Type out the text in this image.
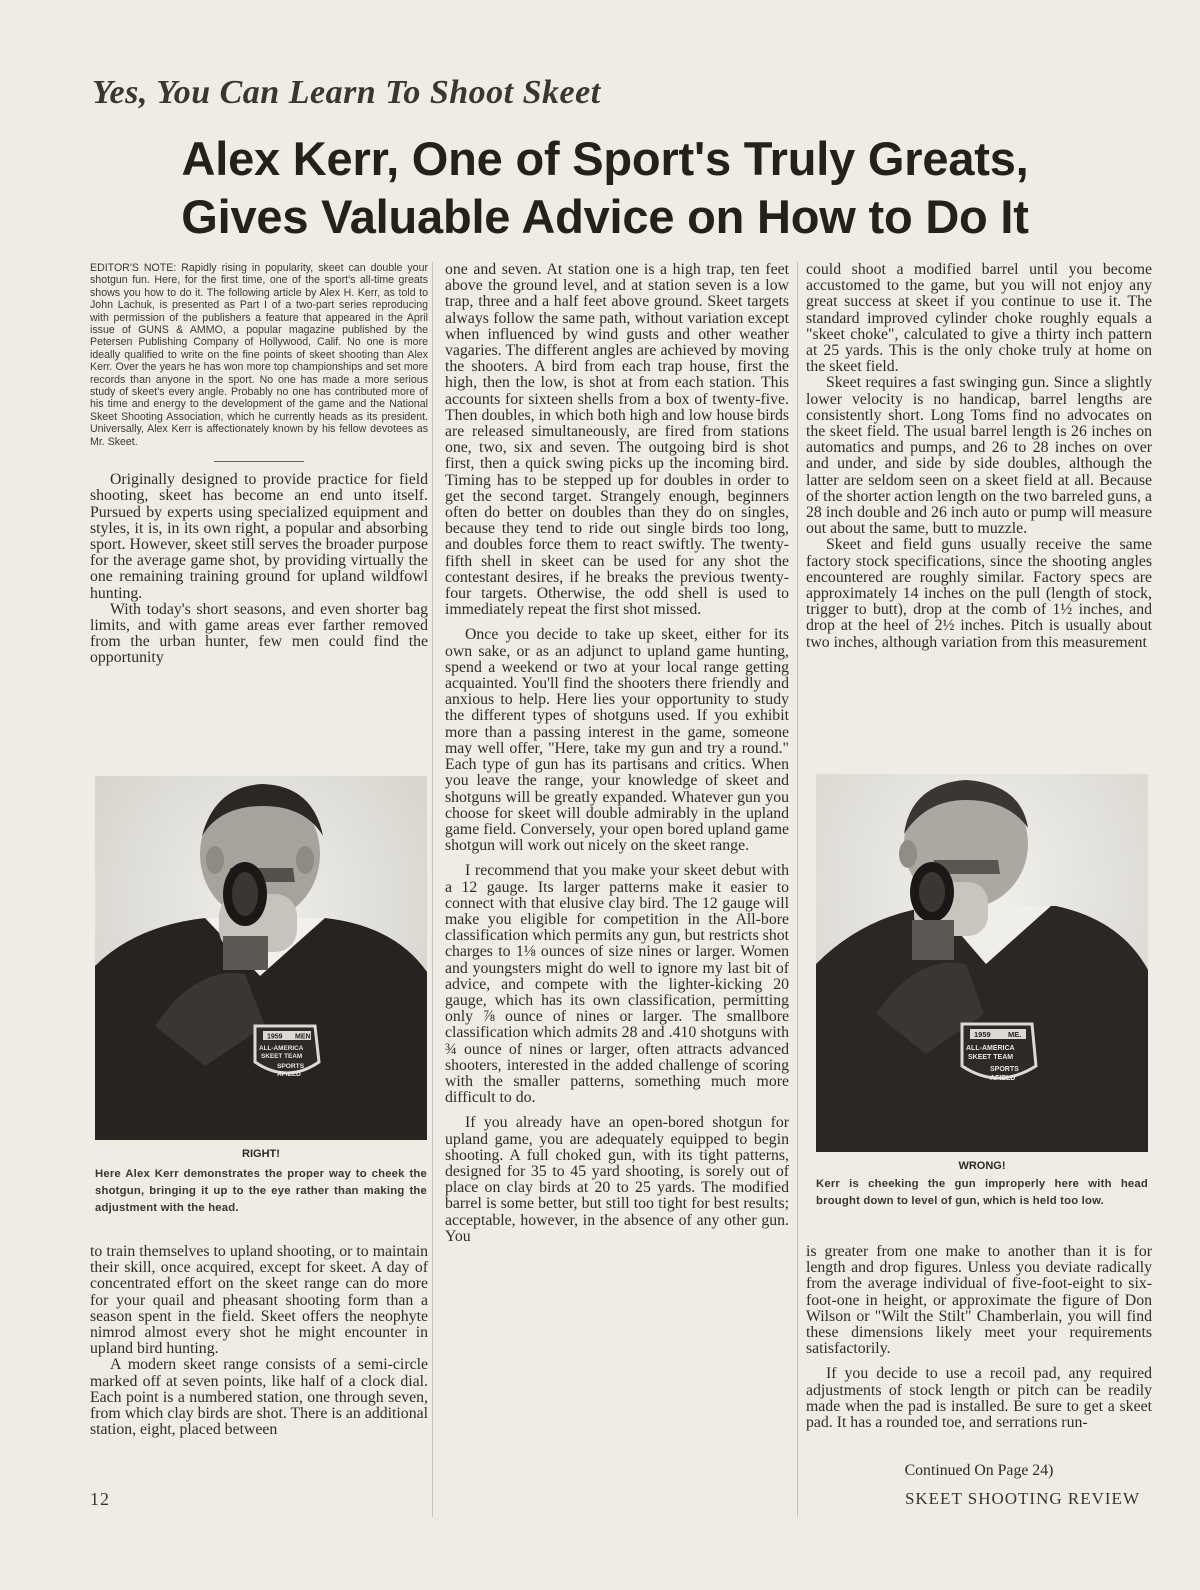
Yes, You Can Learn To Shoot Skeet
Alex Kerr, One of Sport's Truly Greats,
Gives Valuable Advice on How to Do It
EDITOR'S NOTE: Rapidly rising in popularity, skeet can double your shotgun fun. Here, for the first time, one of the sport's all-time greats shows you how to do it. The following article by Alex H. Kerr, as told to John Lachuk, is presented as Part I of a two-part series reproducing with permission of the publishers a feature that appeared in the April issue of GUNS & AMMO, a popular magazine published by the Petersen Publishing Company of Hollywood, Calif. No one is more ideally qualified to write on the fine points of skeet shooting than Alex Kerr. Over the years he has won more top championships and set more records than anyone in the sport. No one has made a more serious study of skeet's every angle. Probably no one has contributed more of his time and energy to the development of the game and the National Skeet Shooting Association, which he currently heads as its president. Universally, Alex Kerr is affectionately known by his fellow devotees as Mr. Skeet.

Originally designed to provide practice for field shooting, skeet has become an end unto itself. Pursued by experts using specialized equipment and styles, it is, in its own right, a popular and absorbing sport. However, skeet still serves the broader purpose for the average game shot, by providing virtually the one remaining training ground for upland wildfowl hunting.

With today's short seasons, and even shorter bag limits, and with game areas ever farther removed from the urban hunter, few men could find the opportunity

1959 MEN
ALL-AMERICA
SKEET TEAM
SPORTS
AFIELD
RIGHT!
Here Alex Kerr demonstrates the proper way to cheek the shotgun, bringing it up to the eye rather than making the adjustment with the head.

to train themselves to upland shooting, or to maintain their skill, once acquired, except for skeet. A day of concentrated effort on the skeet range can do more for your quail and pheasant shooting form than a season spent in the field. Skeet offers the neophyte nimrod almost every shot he might encounter in upland bird hunting.

A modern skeet range consists of a semi-circle marked off at seven points, like half of a clock dial. Each point is a numbered station, one through seven, from which clay birds are shot. There is an additional station, eight, placed between

one and seven. At station one is a high trap, ten feet above the ground level, and at station seven is a low trap, three and a half feet above ground. Skeet targets always follow the same path, without variation except when influenced by wind gusts and other weather vagaries. The different angles are achieved by moving the shooters. A bird from each trap house, first the high, then the low, is shot at from each station. This accounts for sixteen shells from a box of twenty-five. Then doubles, in which both high and low house birds are released simultaneously, are fired from stations one, two, six and seven. The outgoing bird is shot first, then a quick swing picks up the incoming bird. Timing has to be stepped up for doubles in order to get the second target. Strangely enough, beginners often do better on doubles than they do on singles, because they tend to ride out single birds too long, and doubles force them to react swiftly. The twenty-fifth shell in skeet can be used for any shot the contestant desires, if he breaks the previous twenty-four targets. Otherwise, the odd shell is used to immediately repeat the first shot missed.

Once you decide to take up skeet, either for its own sake, or as an adjunct to upland game hunting, spend a weekend or two at your local range getting acquainted. You'll find the shooters there friendly and anxious to help. Here lies your opportunity to study the different types of shotguns used. If you exhibit more than a passing interest in the game, someone may well offer, "Here, take my gun and try a round." Each type of gun has its partisans and critics. When you leave the range, your knowledge of skeet and shotguns will be greatly expanded. Whatever gun you choose for skeet will double admirably in the upland game field. Conversely, your open bored upland game shotgun will work out nicely on the skeet range.

I recommend that you make your skeet debut with a 12 gauge. Its larger patterns make it easier to connect with that elusive clay bird. The 12 gauge will make you eligible for competition in the All-bore classification which permits any gun, but restricts shot charges to 1⅛ ounces of size nines or larger. Women and youngsters might do well to ignore my last bit of advice, and compete with the lighter-kicking 20 gauge, which has its own classification, permitting only ⅞ ounce of nines or larger. The smallbore classification which admits 28 and .410 shotguns with ¾ ounce of nines or larger, often attracts advanced shooters, interested in the added challenge of scoring with the smaller patterns, something much more difficult to do.

If you already have an open-bored shotgun for upland game, you are adequately equipped to begin shooting. A full choked gun, with its tight patterns, designed for 35 to 45 yard shooting, is sorely out of place on clay birds at 20 to 25 yards. The modified barrel is some better, but still too tight for best results; acceptable, however, in the absence of any other gun. You

could shoot a modified barrel until you become accustomed to the game, but you will not enjoy any great success at skeet if you continue to use it. The standard improved cylinder choke roughly equals a "skeet choke", calculated to give a thirty inch pattern at 25 yards. This is the only choke truly at home on the skeet field.

Skeet requires a fast swinging gun. Since a slightly lower velocity is no handicap, barrel lengths are consistently short. Long Toms find no advocates on the skeet field. The usual barrel length is 26 inches on automatics and pumps, and 26 to 28 inches on over and under, and side by side doubles, although the latter are seldom seen on a skeet field at all. Because of the shorter action length on the two barreled guns, a 28 inch double and 26 inch auto or pump will measure out about the same, butt to muzzle.

Skeet and field guns usually receive the same factory stock specifications, since the shooting angles encountered are roughly similar. Factory specs are approximately 14 inches on the pull (length of stock, trigger to butt), drop at the comb of 1½ inches, and drop at the heel of 2½ inches. Pitch is usually about two inches, although variation from this measurement

1959 ME.
ALL-AMERICA
SKEET TEAM
SPORTS
AFIELD
WRONG!
Kerr is cheeking the gun improperly here with head brought down to level of gun, which is held too low.

is greater from one make to another than it is for length and drop figures. Unless you deviate radically from the average individual of five-foot-eight to six-foot-one in height, or approximate the figure of Don Wilson or "Wilt the Stilt" Chamberlain, you will find these dimensions likely meet your requirements satisfactorily.

If you decide to use a recoil pad, any required adjustments of stock length or pitch can be readily made when the pad is installed. Be sure to get a skeet pad. It has a rounded toe, and serrations run-

Continued On Page 24)
12	SKEET SHOOTING REVIEW
